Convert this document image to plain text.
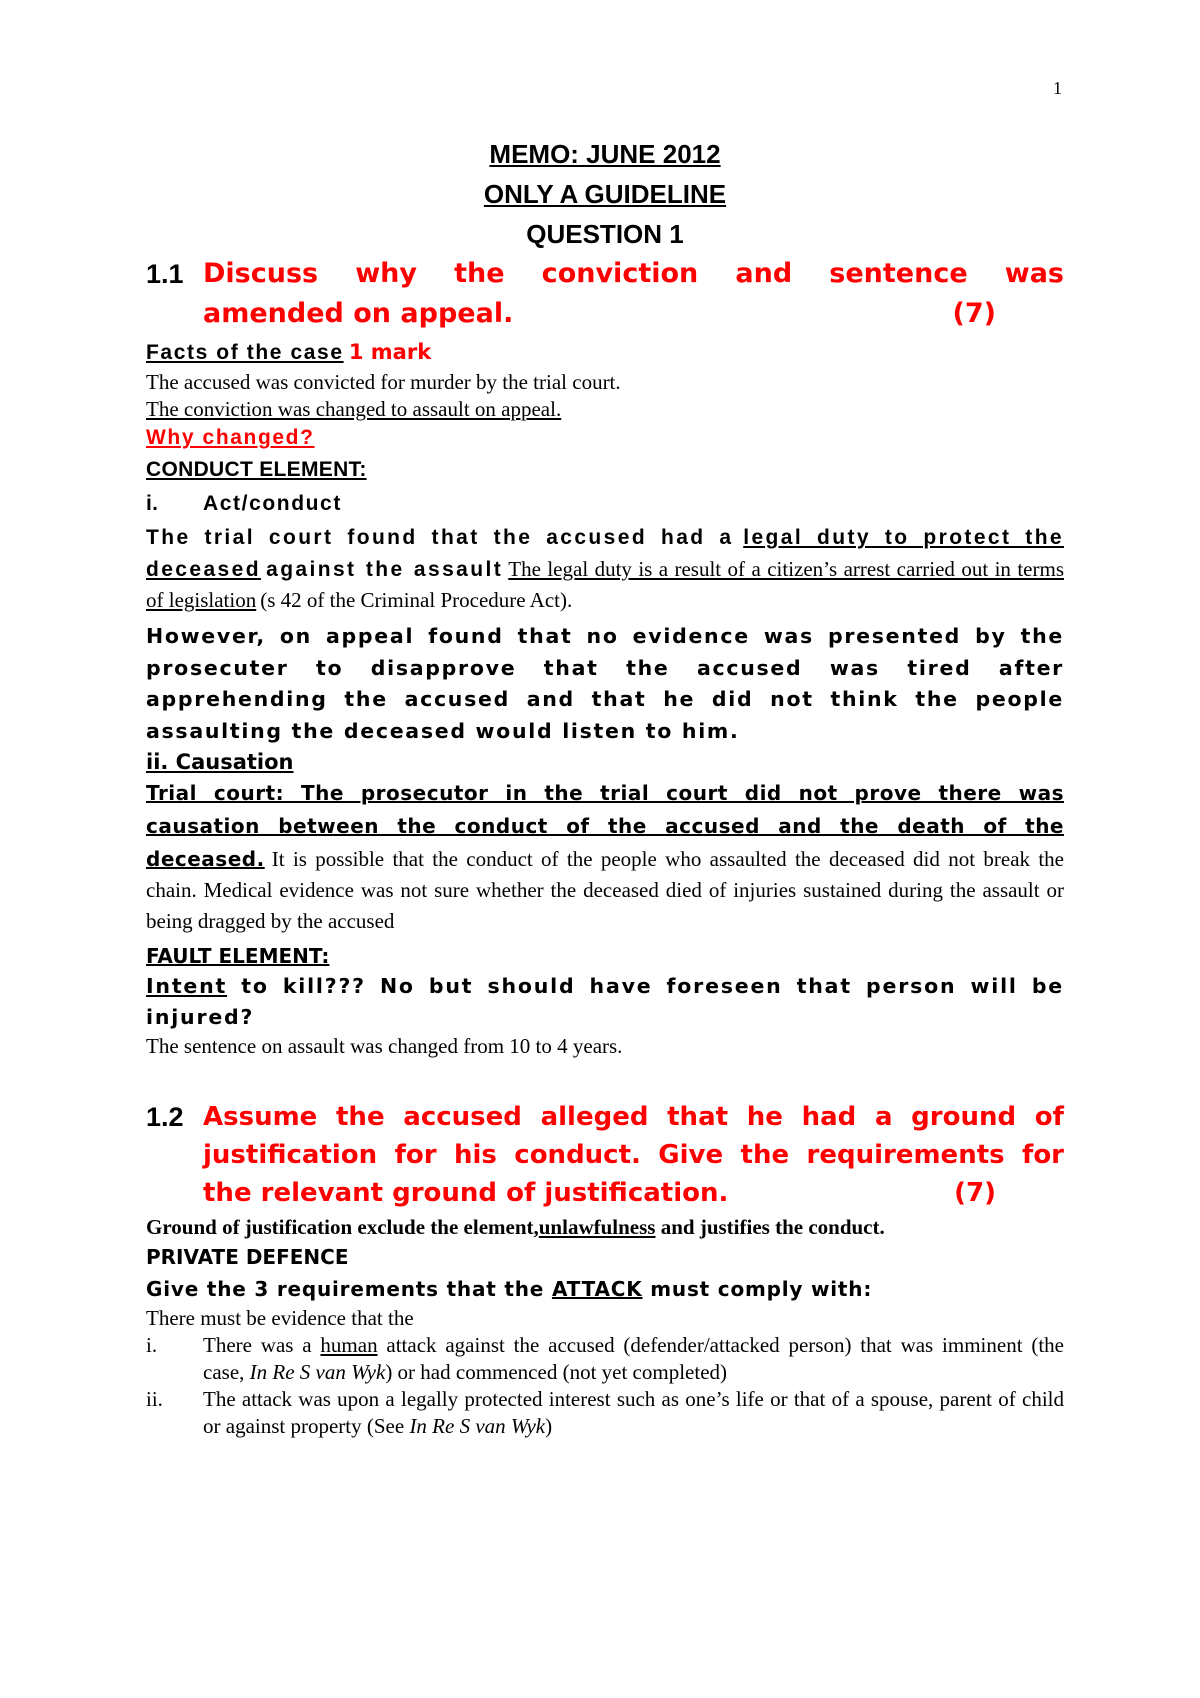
1
MEMO: JUNE 2012
ONLY A GUIDELINE
QUESTION 1
1.1 Discuss why the conviction and sentence was
amended on appeal.	(7)
Facts of the case 1 mark
The accused was convicted for murder by the trial court.
The conviction was changed to assault on appeal.
Why changed?
CONDUCT ELEMENT:
i.	Act/conduct
The trial court found that the accused had a legal duty to protect the deceased against the assault The legal duty is a result of a citizen’s arrest carried out in terms of legislation (s 42 of the Criminal Procedure Act).
However, on appeal found that no evidence was presented by the prosecuter to disapprove that the accused was tired after apprehending the accused and that he did not think the people assaulting the deceased would listen to him.
ii. Causation
Trial court: The prosecutor in the trial court did not prove there was causation between the conduct of the accused and the death of the deceased. It is possible that the conduct of the people who assaulted the deceased did not break the chain. Medical evidence was not sure whether the deceased died of injuries sustained during the assault or being dragged by the accused
FAULT ELEMENT:
Intent to kill??? No but should have foreseen that person will be injured?
The sentence on assault was changed from 10 to 4 years.
1.2 Assume the accused alleged that he had a ground of
justification for his conduct. Give the requirements for
the relevant ground of justification.	(7)
Ground of justification exclude the element,unlawfulness and justifies the conduct.
PRIVATE DEFENCE
Give the 3 requirements that the ATTACK must comply with:
There must be evidence that the
i.	There was a human attack against the accused (defender/attacked person) that was imminent (the case, In Re S van Wyk) or had commenced (not yet completed)
ii.	The attack was upon a legally protected interest such as one’s life or that of a spouse, parent of child or against property (See In Re S van Wyk)
